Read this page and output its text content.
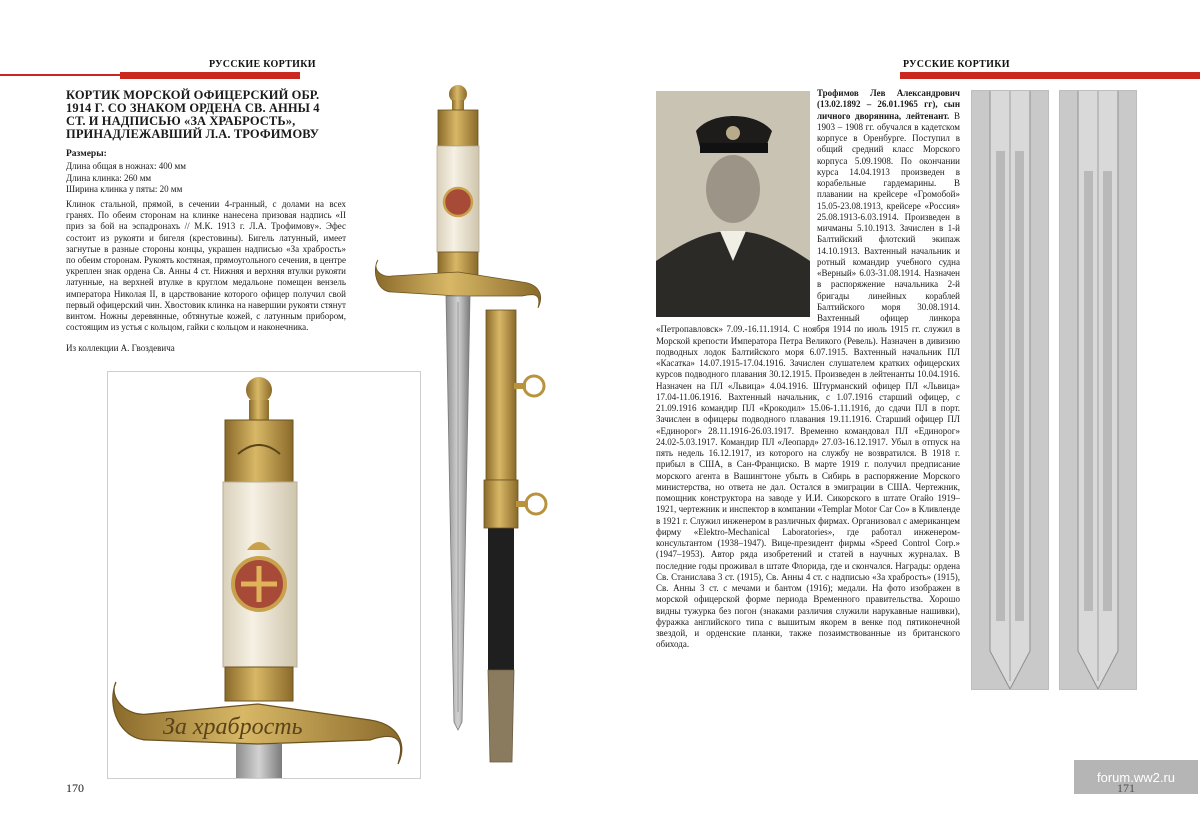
РУССКИЕ КОРТИКИ
КОРТИК МОРСКОЙ ОФИЦЕРСКИЙ ОБР. 1914 Г. СО ЗНАКОМ ОРДЕНА СВ. АННЫ 4 СТ. И НАДПИСЬЮ «ЗА ХРАБРОСТЬ», ПРИНАДЛЕЖАВШИЙ Л.А. ТРОФИМОВУ
Размеры:
Длина общая в ножнах: 400 мм
Длина клинка: 260 мм
Ширина клинка у пяты: 20 мм

Клинок стальной, прямой, в сечении 4-гранный, с долами на всех гранях. По обеим сторонам на клинке нанесена призовая надпись «II приз за бой на эспадронахъ // М.К. 1913 г. Л.А. Трофимову». Эфес состоит из рукояти и бигеля (крестовины). Бигель латунный, имеет загнутые в разные стороны концы, украшен надписью «За храбрость» по обеим сторонам. Рукоять костяная, прямоугольного сечения, в центре укреплен знак ордена Св. Анны 4 ст. Нижняя и верхняя втулки рукояти латунные, на верхней втулке в круглом медальоне помещен вензель императора Николая II, в царствование которого офицер получил свой первый офицерский чин. Хвостовик клинка на навершии рукояти стянут винтом. Ножны деревянные, обтянутые кожей, с латунным прибором, состоящим из устья с кольцом, гайки с кольцом и наконечника.

Из коллекции А. Гвоздевича
За храбрость
170
РУССКИЕ КОРТИКИ

Трофимов Лев Александрович (13.02.1892 – 26.01.1965 гг), сын личного дворянина, лейтенант. В 1903 – 1908 гг. обучался в кадетском корпусе в Оренбурге. Поступил в общий средний класс Морского корпуса 5.09.1908. По окончании курса 14.04.1913 произведен в корабельные гардемарины. В плавании на крейсере «Громобой» 15.05-23.08.1913, крейсере «Россия» 25.08.1913-6.03.1914. Произведен в мичманы 5.10.1913. Зачислен в 1-й Балтийский флотский экипаж 14.10.1913. Вахтенный начальник и ротный командир учебного судна «Верный» 6.03-31.08.1914. Назначен в распоряжение начальника 2-й бригады линейных кораблей Балтийского моря 30.08.1914. Вахтенный офицер линкора «Петропавловск» 7.09.-16.11.1914. С ноября 1914 по июль 1915 гг. служил в Морской крепости Императора Петра Великого (Ревель). Назначен в дивизию подводных лодок Балтийского моря 6.07.1915. Вахтенный начальник ПЛ «Касатка» 14.07.1915-17.04.1916. Зачислен слушателем кратких офицерских курсов подводного плавания 30.12.1915. Произведен в лейтенанты 10.04.1916. Назначен на ПЛ «Львица» 4.04.1916. Штурманский офицер ПЛ «Львица» 17.04-11.06.1916. Вахтенный начальник, с 1.07.1916 старший офицер, с 21.09.1916 командир ПЛ «Крокодил» 15.06-1.11.1916, до сдачи ПЛ в порт. Зачислен в офицеры подводного плавания 19.11.1916. Старший офицер ПЛ «Единорог» 28.11.1916-26.03.1917. Временно командовал ПЛ «Единорог» 24.02-5.03.1917. Командир ПЛ «Леопард» 27.03-16.12.1917. Убыл в отпуск на пять недель 16.12.1917, из которого на службу не возвратился. В 1918 г. прибыл в США, в Сан-Франциско. В марте 1919 г. получил предписание морского агента в Вашингтоне убыть в Сибирь в распоряжение Морского министерства, но ответа не дал. Остался в эмиграции в США. Чертежник, помощник конструктора на заводе у И.И. Сикорского в штате Огайо 1919–1921, чертежник и инспектор в компании «Templar Motor Car Co» в Кливленде в 1921 г. Служил инженером в различных фирмах. Организовал с американцем фирму «Elektro-Mechanical Laboratories», где работал инженером-консультантом (1938–1947). Вице-президент фирмы «Speed Control Corp.» (1947–1953). Автор ряда изобретений и статей в научных журналах. В последние годы проживал в штате Флорида, где и скончался. Награды: ордена Св. Станислава 3 ст. (1915), Св. Анны 4 ст. с надписью «За храбрость» (1915), Св. Анны 3 ст. с мечами и бантом (1916); медали. На фото изображен в морской офицерской форме периода Временного правительства. Хорошо видны тужурка без погон (знаками различия служили нарукавные нашивки), фуражка английского типа с вышитым якорем в венке под пятиконечной звездой, и орденские планки, также позаимствованные из британского обихода.

forum.ww2.ru
